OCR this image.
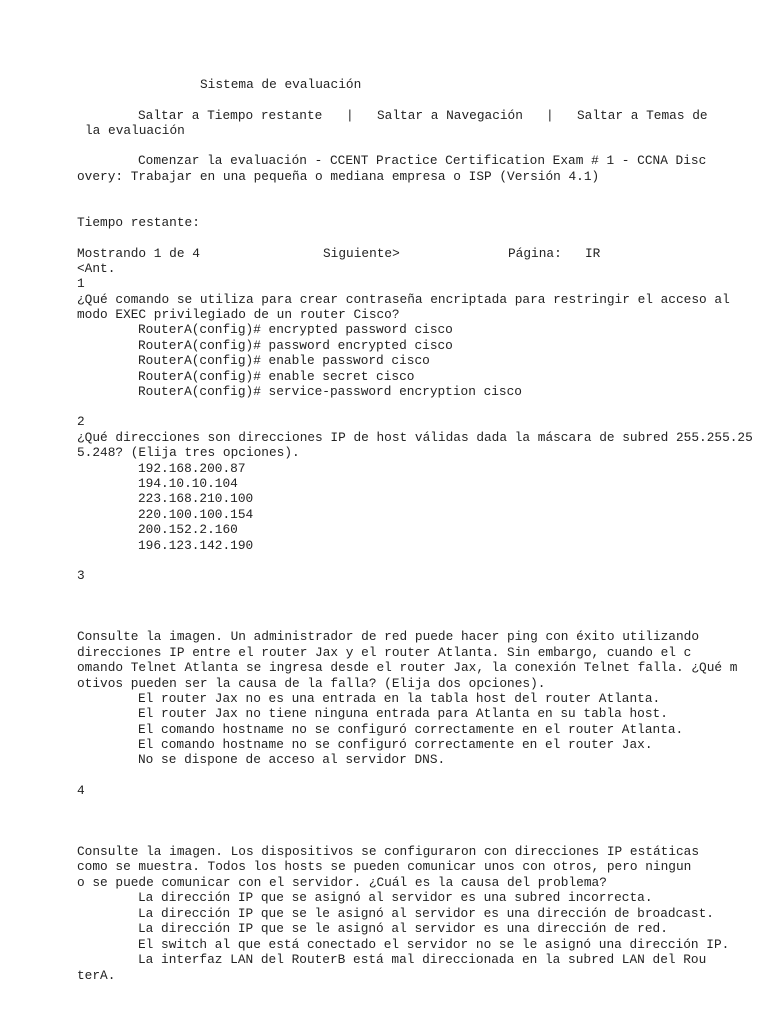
Sistema de evaluación
Saltar a Tiempo restante | Saltar a Navegación | Saltar a Temas de
la evaluación
Comenzar la evaluación - CCENT Practice Certification Exam # 1 - CCNA Disc
overy: Trabajar en una pequeña o mediana empresa o ISP (Versión 4.1)
Tiempo restante:
Mostrando 1 de 4	Siguiente>	Página: IR
<Ant.
1
¿Qué comando se utiliza para crear contraseña encriptada para restringir el acceso al
modo EXEC privilegiado de un router Cisco?
RouterA(config)# encrypted password cisco
RouterA(config)# password encrypted cisco
RouterA(config)# enable password cisco
RouterA(config)# enable secret cisco
RouterA(config)# service-password encryption cisco
2
¿Qué direcciones son direcciones IP de host válidas dada la máscara de subred 255.255.25
5.248? (Elija tres opciones).
192.168.200.87
194.10.10.104
223.168.210.100
220.100.100.154
200.152.2.160
196.123.142.190
3
Consulte la imagen. Un administrador de red puede hacer ping con éxito utilizando
direcciones IP entre el router Jax y el router Atlanta. Sin embargo, cuando el c
omando Telnet Atlanta se ingresa desde el router Jax, la conexión Telnet falla. ¿Qué m
otivos pueden ser la causa de la falla? (Elija dos opciones).
El router Jax no es una entrada en la tabla host del router Atlanta.
El router Jax no tiene ninguna entrada para Atlanta en su tabla host.
El comando hostname no se configuró correctamente en el router Atlanta.
El comando hostname no se configuró correctamente en el router Jax.
No se dispone de acceso al servidor DNS.
4
Consulte la imagen. Los dispositivos se configuraron con direcciones IP estáticas
como se muestra. Todos los hosts se pueden comunicar unos con otros, pero ningun
o se puede comunicar con el servidor. ¿Cuál es la causa del problema?
La dirección IP que se asignó al servidor es una subred incorrecta.
La dirección IP que se le asignó al servidor es una dirección de broadcast.
La dirección IP que se le asignó al servidor es una dirección de red.
El switch al que está conectado el servidor no se le asignó una dirección IP.
La interfaz LAN del RouterB está mal direccionada en la subred LAN del Rou
terA.
